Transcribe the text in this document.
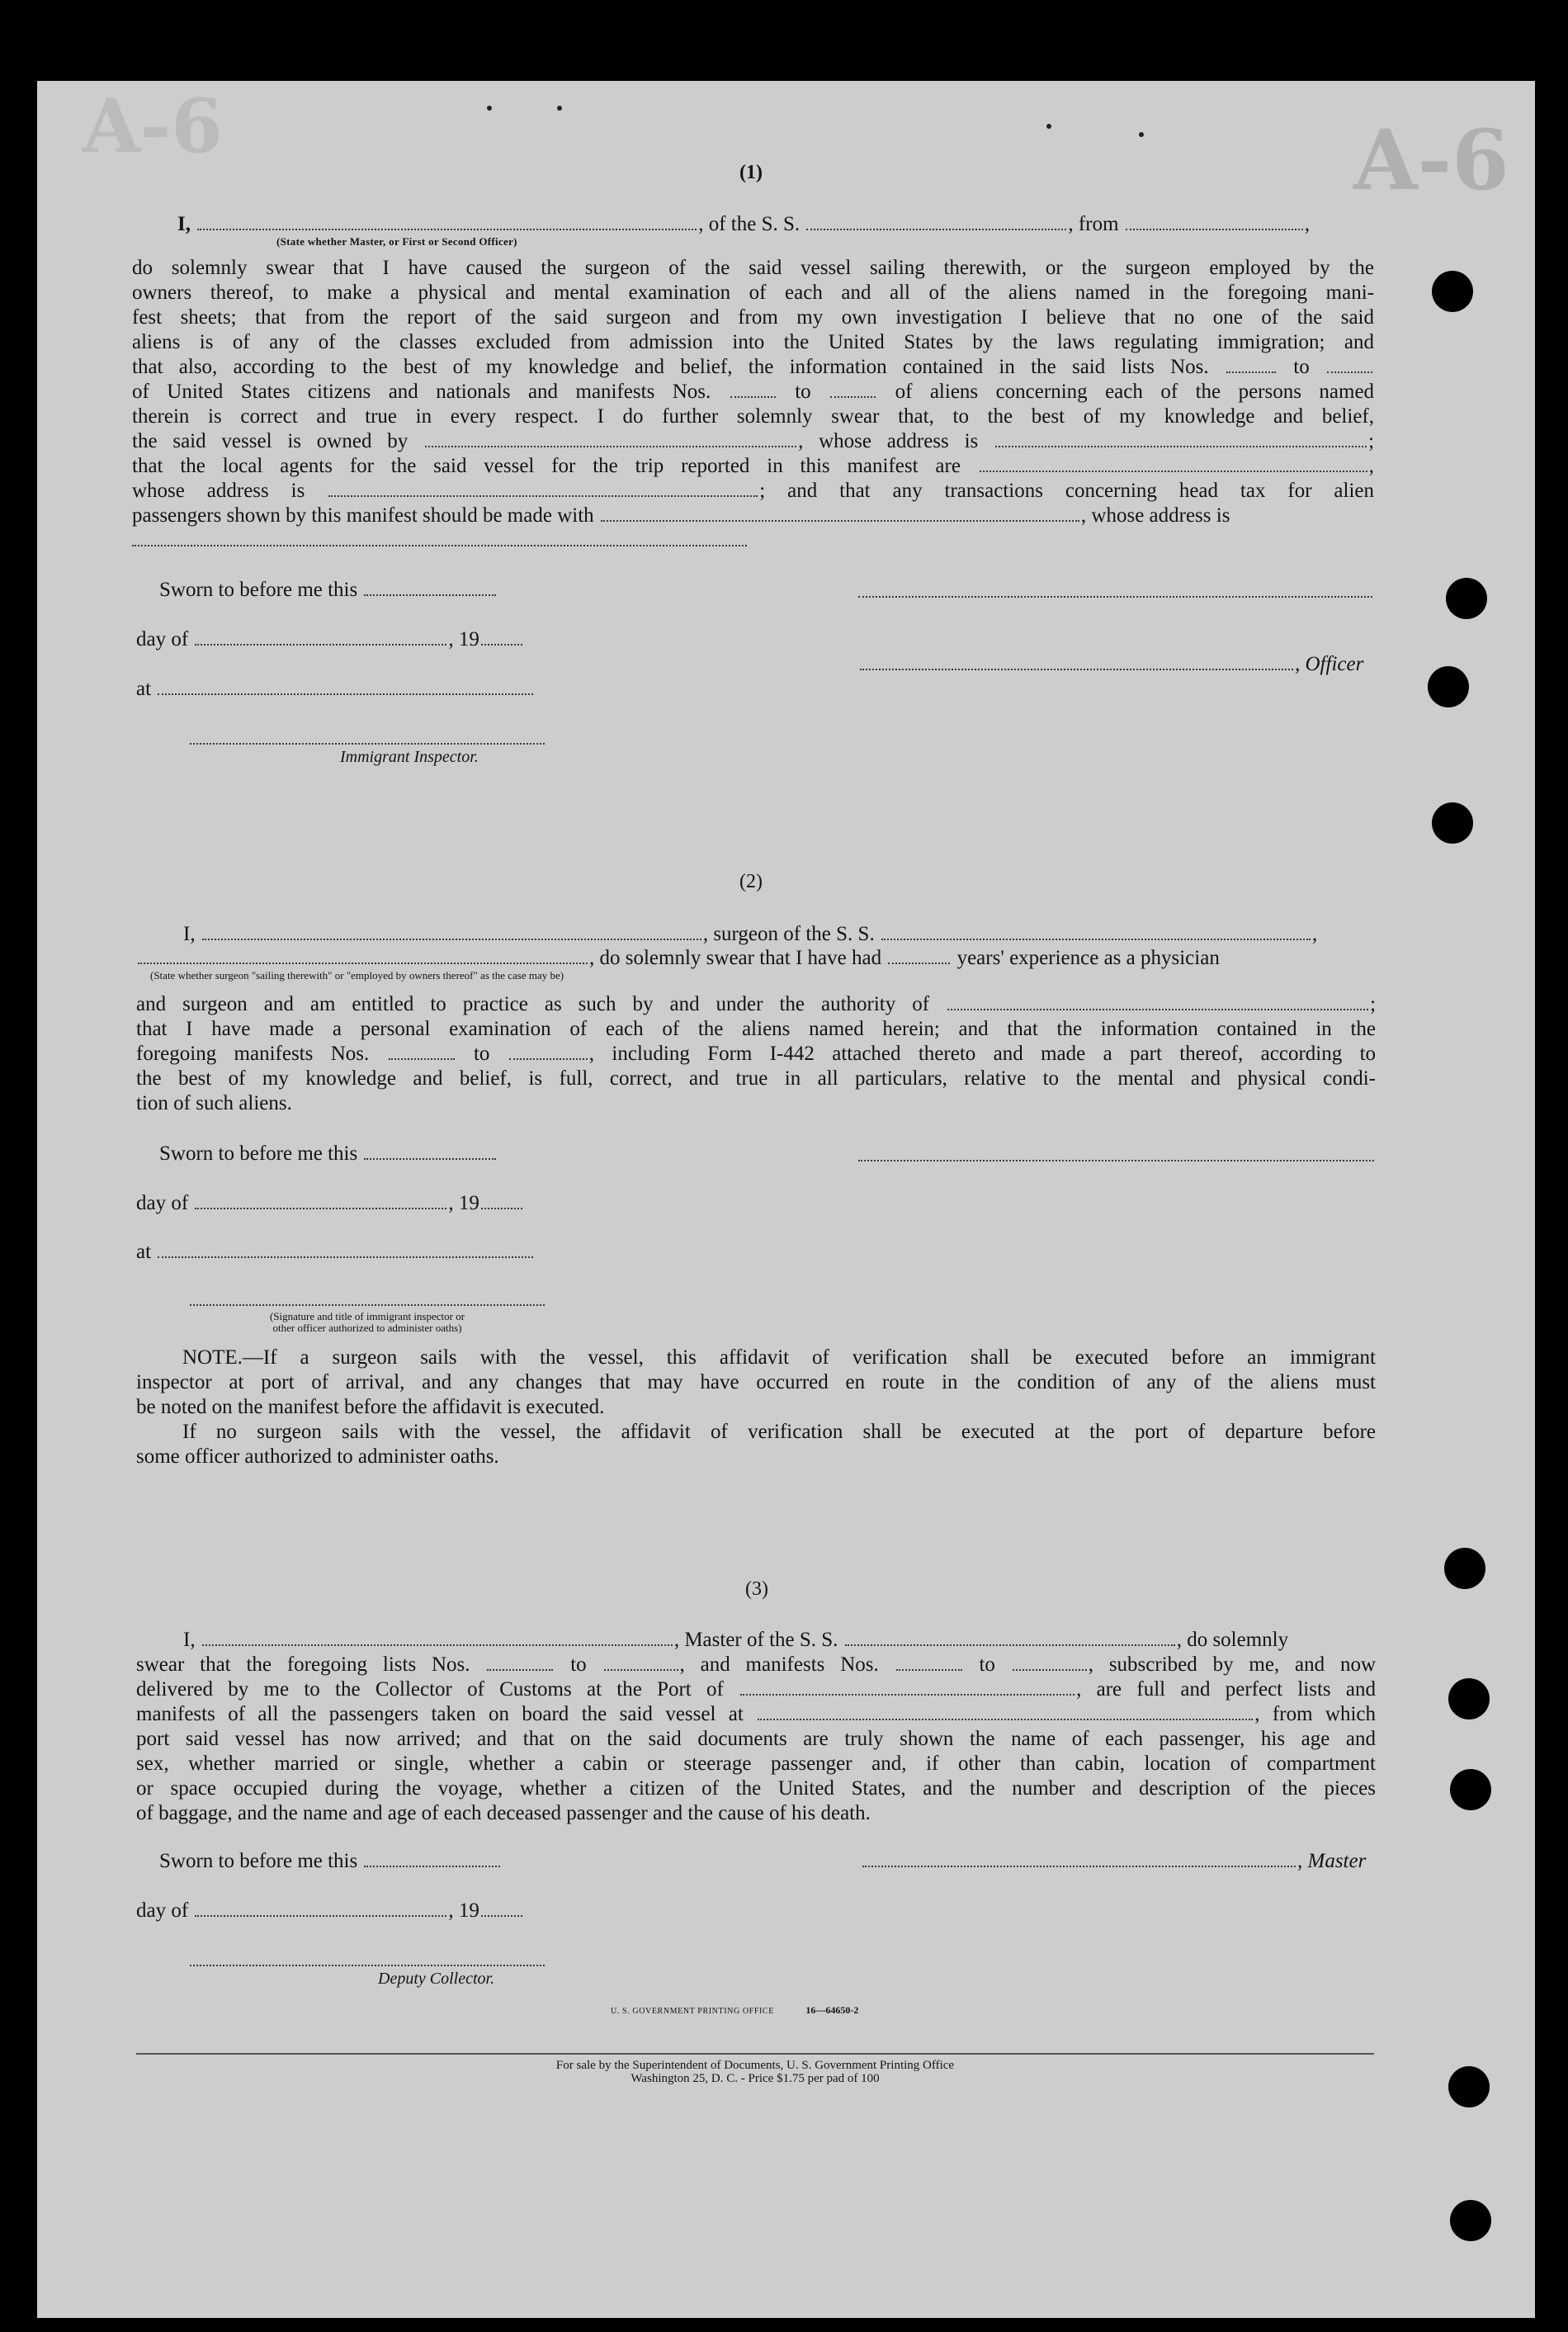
A-6	A-6
(1)
I,	, of the S. S.	, from	,
(State whether Master, or First or Second Officer)
do solemnly swear that I have caused the surgeon of the said vessel sailing therewith, or the surgeon employed by the
owners thereof, to make a physical and mental examination of each and all of the aliens named in the foregoing mani-
fest sheets; that from the report of the said surgeon and from my own investigation I believe that no one of the said
aliens is of any of the classes excluded from admission into the United States by the laws regulating immigration; and
that also, according to the best of my knowledge and belief, the information contained in the said lists Nos.	to
of United States citizens and nationals and manifests Nos.	to	of aliens concerning each of the persons named
therein is correct and true in every respect. I do further solemnly swear that, to the best of my knowledge and belief,
the said vessel is owned by	, whose address is	;
that the local agents for the said vessel for the trip reported in this manifest are	,
whose address is	; and that any transactions concerning head tax for alien
passengers shown by this manifest should be made with	, whose address is
Sworn to before me this
day of	, 19
, Officer
at
Immigrant Inspector.
(2)
I,	, surgeon of the S. S.	,
, do solemnly swear that I have had	years' experience as a physician
(State whether surgeon "sailing therewith" or "employed by owners thereof" as the case may be)
and surgeon and am entitled to practice as such by and under the authority of	;
that I have made a personal examination of each of the aliens named herein; and that the information contained in the
foregoing manifests Nos.	to	, including Form I-442 attached thereto and made a part thereof, according to
the best of my knowledge and belief, is full, correct, and true in all particulars, relative to the mental and physical condi-
tion of such aliens.
Sworn to before me this
day of	, 19
at
(Signature and title of immigrant inspector or
other officer authorized to administer oaths)
NOTE.—If a surgeon sails with the vessel, this affidavit of verification shall be executed before an immigrant
inspector at port of arrival, and any changes that may have occurred en route in the condition of any of the aliens must
be noted on the manifest before the affidavit is executed.
If no surgeon sails with the vessel, the affidavit of verification shall be executed at the port of departure before
some officer authorized to administer oaths.
(3)
I,	, Master of the S. S.	, do solemnly
swear that the foregoing lists Nos.	to	, and manifests Nos.	to	, subscribed by me, and now
delivered by me to the Collector of Customs at the Port of	, are full and perfect lists and
manifests of all the passengers taken on board the said vessel at	, from which
port said vessel has now arrived; and that on the said documents are truly shown the name of each passenger, his age and
sex, whether married or single, whether a cabin or steerage passenger and, if other than cabin, location of compartment
or space occupied during the voyage, whether a citizen of the United States, and the number and description of the pieces
of baggage, and the name and age of each deceased passenger and the cause of his death.
Sworn to before me this	, Master
day of	, 19
Deputy Collector.
U. S. GOVERNMENT PRINTING OFFICE	16—64650-2
For sale by the Superintendent of Documents, U. S. Government Printing Office
Washington 25, D. C. - Price $1.75 per pad of 100
